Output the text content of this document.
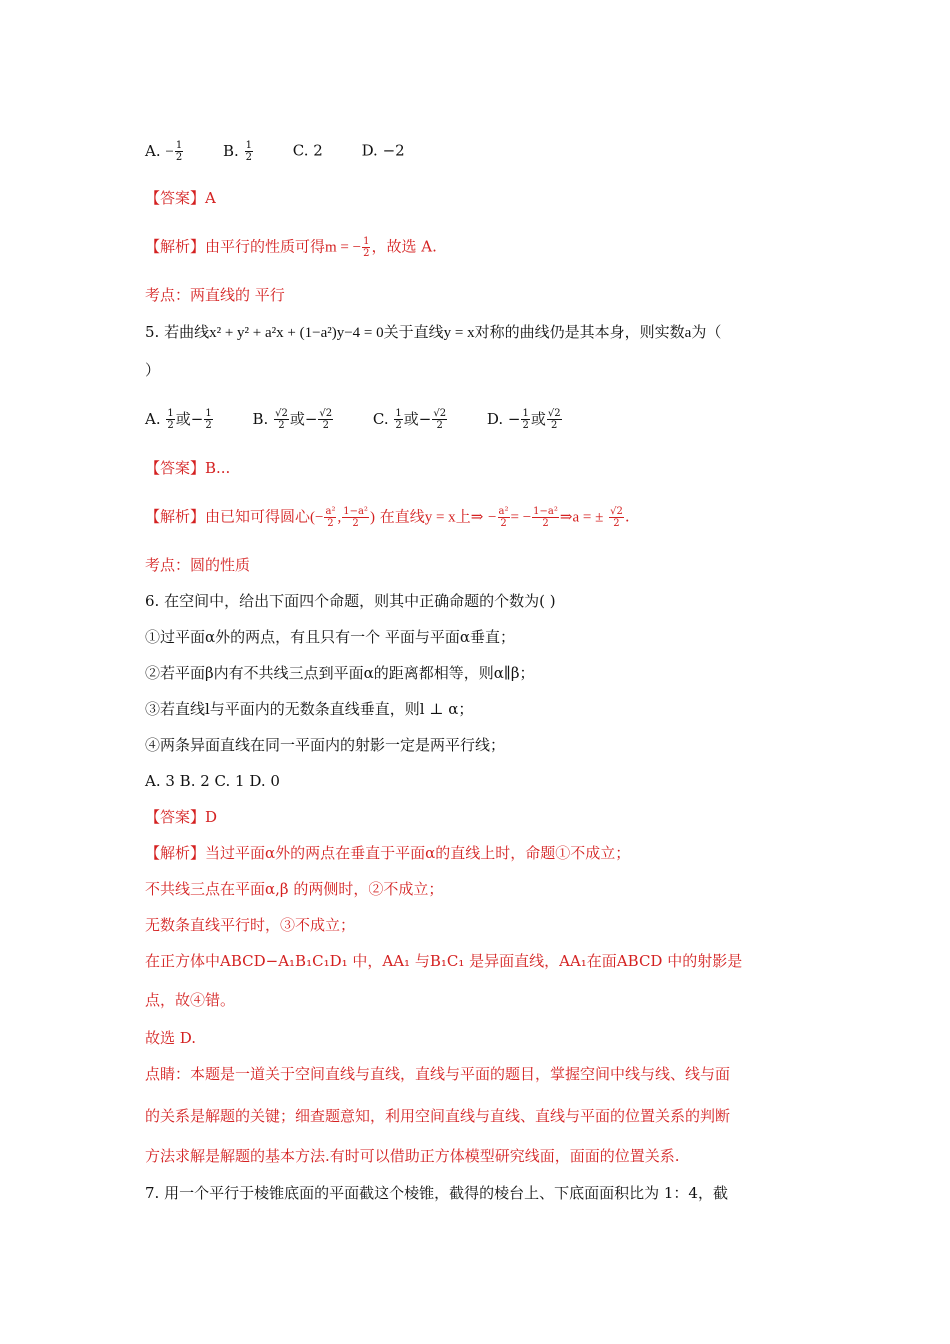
A. − $\frac{1}{2}$	B. $\frac{1}{2}$	C. 2	D. −2
【答案】A
【解析】由平行的性质可得m = − $\frac{1}{2}$ ，故选 A.
考点：两直线的 平行
5. 若曲线x² + y² + a²x + (1−a²)y−4 = 0关于直线y = x对称的曲线仍是其本身，则实数a为（
）
A. $\frac{1}{2}$ 或− $\frac{1}{2}$	B. $\frac{√2}{2}$ 或− $\frac{√2}{2}$	C. $\frac{1}{2}$ 或− $\frac{√2}{2}$	D. − $\frac{1}{2}$ 或 $\frac{√2}{2}$
【答案】B...
【解析】由已知可得圆心(− $\frac{\text{a²}}{2}$ , $\frac{\text{1−a²}}{2}$ ) 在直线y = x上⇒ − $\frac{\text{a²}}{2}$ = − $\frac{\text{1−a²}}{2}$ ⇒a = ± $\frac{√2}{2}$ .
考点：圆的性质
6. 在空间中，给出下面四个命题，则其中正确命题的个数为( )
①过平面α外的两点，有且只有一个 平面与平面α垂直；
②若平面β内有不共线三点到平面α的距离都相等，则α∥β；
③若直线l与平面内的无数条直线垂直，则l ⊥ α；
④两条异面直线在同一平面内的射影一定是两平行线；
A. 3 B. 2 C. 1 D. 0
【答案】D
【解析】当过平面α外的两点在垂直于平面α的直线上时，命题①不成立；
不共线三点在平面α,β 的两侧时，②不成立；
无数条直线平行时，③不成立；
在正方体中ABCD−A₁B₁C₁D₁ 中，AA₁ 与B₁C₁ 是异面直线，AA₁在面ABCD 中的射影是
点，故④错。
故选 D.
点睛：本题是一道关于空间直线与直线，直线与平面的题目，掌握空间中线与线、线与面
的关系是解题的关键；细查题意知，利用空间直线与直线、直线与平面的位置关系的判断
方法求解是解题的基本方法.有时可以借助正方体模型研究线面，面面的位置关系.
7. 用一个平行于棱锥底面的平面截这个棱锥，截得的棱台上、下底面面积比为 1：4，截
